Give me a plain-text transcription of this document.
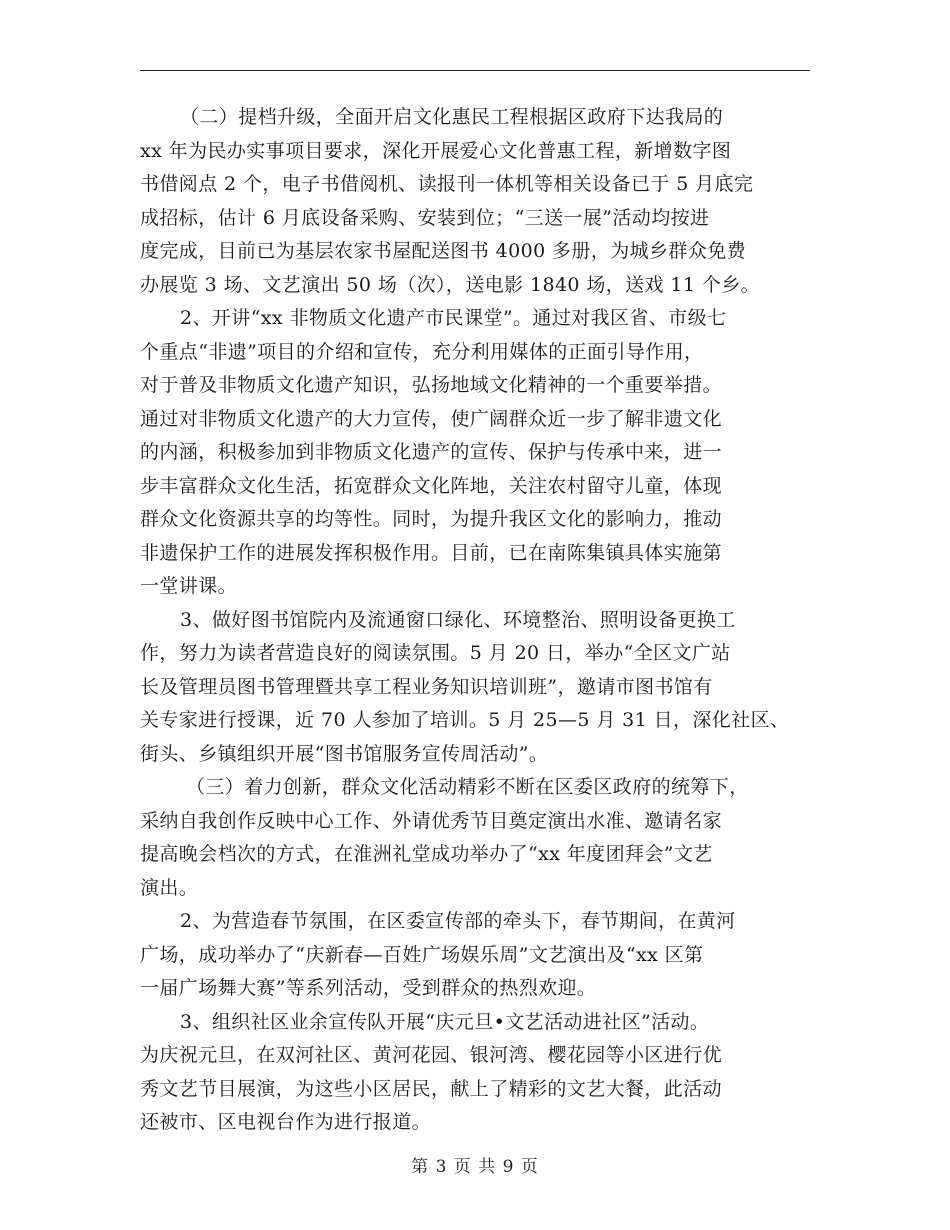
（二）提档升级，全面开启文化惠民工程根据区政府下达我局的
xx 年为民办实事项目要求，深化开展爱心文化普惠工程，新增数字图
书借阅点 2 个，电子书借阅机、读报刊一体机等相关设备已于 5 月底完
成招标，估计 6 月底设备采购、安装到位；“三送一展”活动均按进
度完成，目前已为基层农家书屋配送图书 4000 多册，为城乡群众免费
办展览 3 场、文艺演出 50 场（次），送电影 1840 场，送戏 11 个乡。
2、开讲“xx 非物质文化遗产市民课堂”。通过对我区省、市级七
个重点“非遗”项目的介绍和宣传，充分利用媒体的正面引导作用，
对于普及非物质文化遗产知识，弘扬地域文化精神的一个重要举措。
通过对非物质文化遗产的大力宣传，使广阔群众近一步了解非遗文化
的内涵，积极参加到非物质文化遗产的宣传、保护与传承中来，进一
步丰富群众文化生活，拓宽群众文化阵地，关注农村留守儿童，体现
群众文化资源共享的均等性。同时，为提升我区文化的影响力，推动
非遗保护工作的进展发挥积极作用。目前，已在南陈集镇具体实施第
一堂讲课。
3、做好图书馆院内及流通窗口绿化、环境整治、照明设备更换工
作，努力为读者营造良好的阅读氛围。5 月 20 日，举办“全区文广站
长及管理员图书管理暨共享工程业务知识培训班”，邀请市图书馆有
关专家进行授课，近 70 人参加了培训。5 月 25—5 月 31 日，深化社区、
街头、乡镇组织开展“图书馆服务宣传周活动”。
（三）着力创新，群众文化活动精彩不断在区委区政府的统筹下，
采纳自我创作反映中心工作、外请优秀节目奠定演出水准、邀请名家
提高晚会档次的方式，在淮洲礼堂成功举办了“xx 年度团拜会”文艺
演出。
2、为营造春节氛围，在区委宣传部的牵头下，春节期间，在黄河
广场，成功举办了“庆新春—百姓广场娱乐周”文艺演出及“xx 区第
一届广场舞大赛”等系列活动，受到群众的热烈欢迎。
3、组织社区业余宣传队开展“庆元旦•文艺活动进社区”活动。
为庆祝元旦，在双河社区、黄河花园、银河湾、樱花园等小区进行优
秀文艺节目展演，为这些小区居民，献上了精彩的文艺大餐，此活动
还被市、区电视台作为进行报道。
第 3 页 共 9 页
